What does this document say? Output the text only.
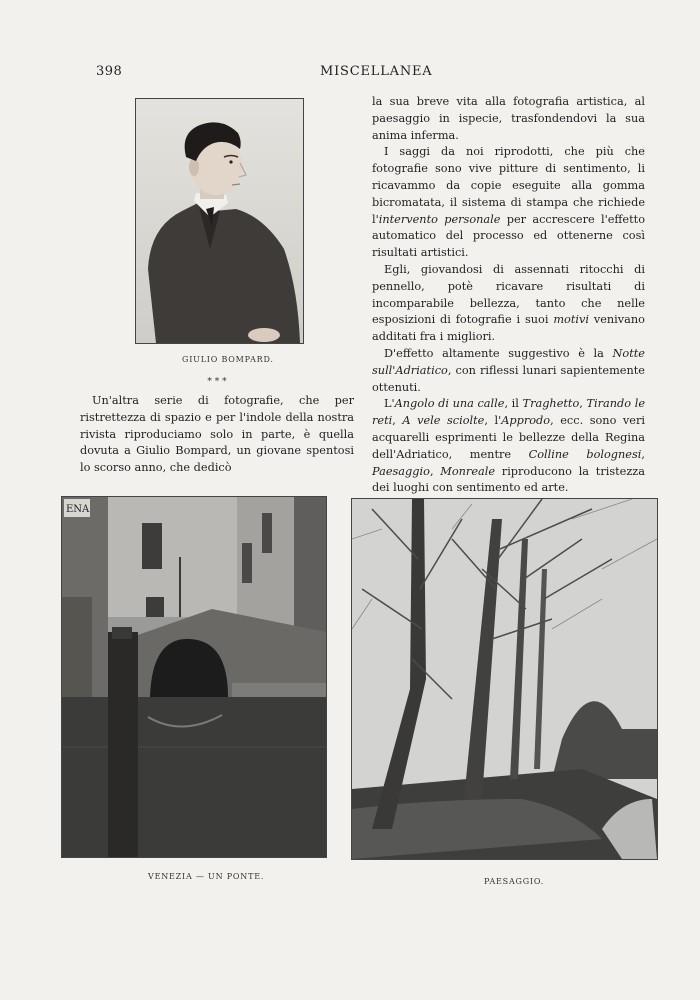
398	MISCELLANEA
GIULIO BOMPARD.
* * *

Un'altra serie di fotografie, che per ristrettezza di spazio e per l'indole della nostra rivista riproduciamo solo in parte, è quella dovuta a Giulio Bompard, un giovane spentosi lo scorso anno, che dedicò

la sua breve vita alla fotografia artistica, al paesaggio in ispecie, trasfondendovi la sua anima inferma.

I saggi da noi riprodotti, che più che fotografie sono vive pitture di sentimento, li ricavammo da copie eseguite alla gomma bicromatata, il sistema di stampa che richiede l'intervento personale per accrescere l'effetto automatico del processo ed ottenerne così risultati artistici.

Egli, giovandosi di assennati ritocchi di pennello, potè ricavare risultati di incomparabile bellezza, tanto che nelle esposizioni di fotografie i suoi motivi venivano additati fra i migliori.

D'effetto altamente suggestivo è la Notte sull'Adriatico, con riflessi lunari sapientemente ottenuti.

L'Angolo di una calle, il Traghetto, Tirando le reti, A vele sciolte, l'Approdo, ecc. sono veri acquarelli esprimenti le bellezze della Regina dell'Adriatico, mentre Colline bolognesi, Paesaggio, Monreale riproducono la tristezza dei luoghi con sentimento ed arte.

ENA
VENEZIA — UN PONTE.
PAESAGGIO.
